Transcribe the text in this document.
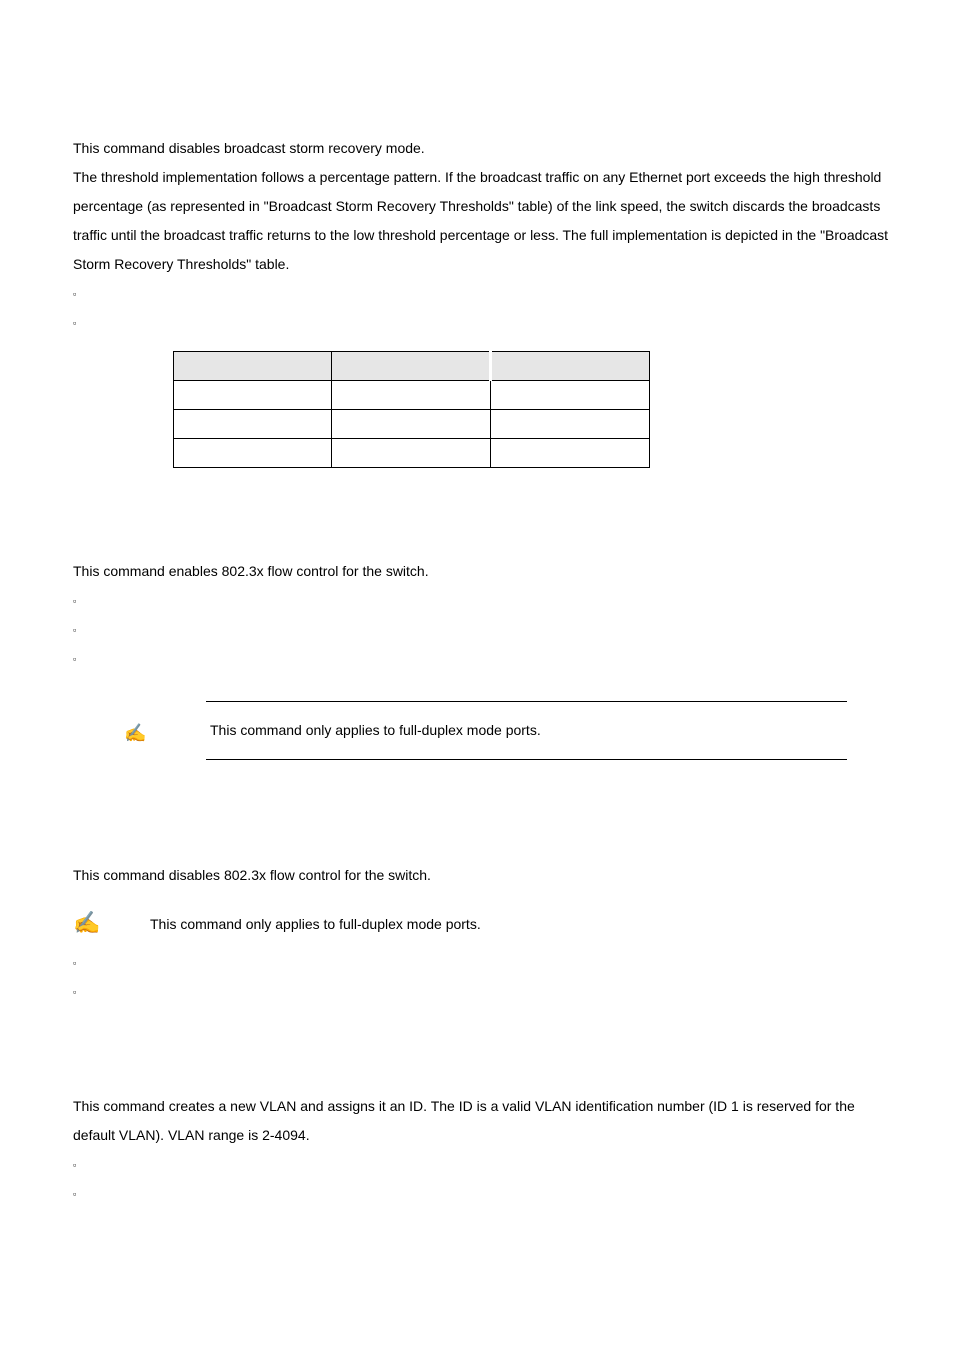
This command disables broadcast storm recovery mode.

The threshold implementation follows a percentage pattern. If the broadcast traffic on any Ethernet port exceeds the high threshold percentage (as represented in "Broadcast Storm Recovery Thresholds" table) of the link speed, the switch discards the broadcasts traffic until the broadcast traffic returns to the low threshold percentage or less. The full implementation is depicted in the "Broadcast Storm Recovery Thresholds" table.

▫
▫

This command enables 802.3x flow control for the switch.
▫
▫
▫
✍	This command only applies to full-duplex mode ports.
This command disables 802.3x flow control for the switch.
✍	This command only applies to full-duplex mode ports.
▫
▫

This command creates a new VLAN and assigns it an ID. The ID is a valid VLAN identification number (ID 1 is reserved for the default VLAN). VLAN range is 2-4094.

▫
▫
